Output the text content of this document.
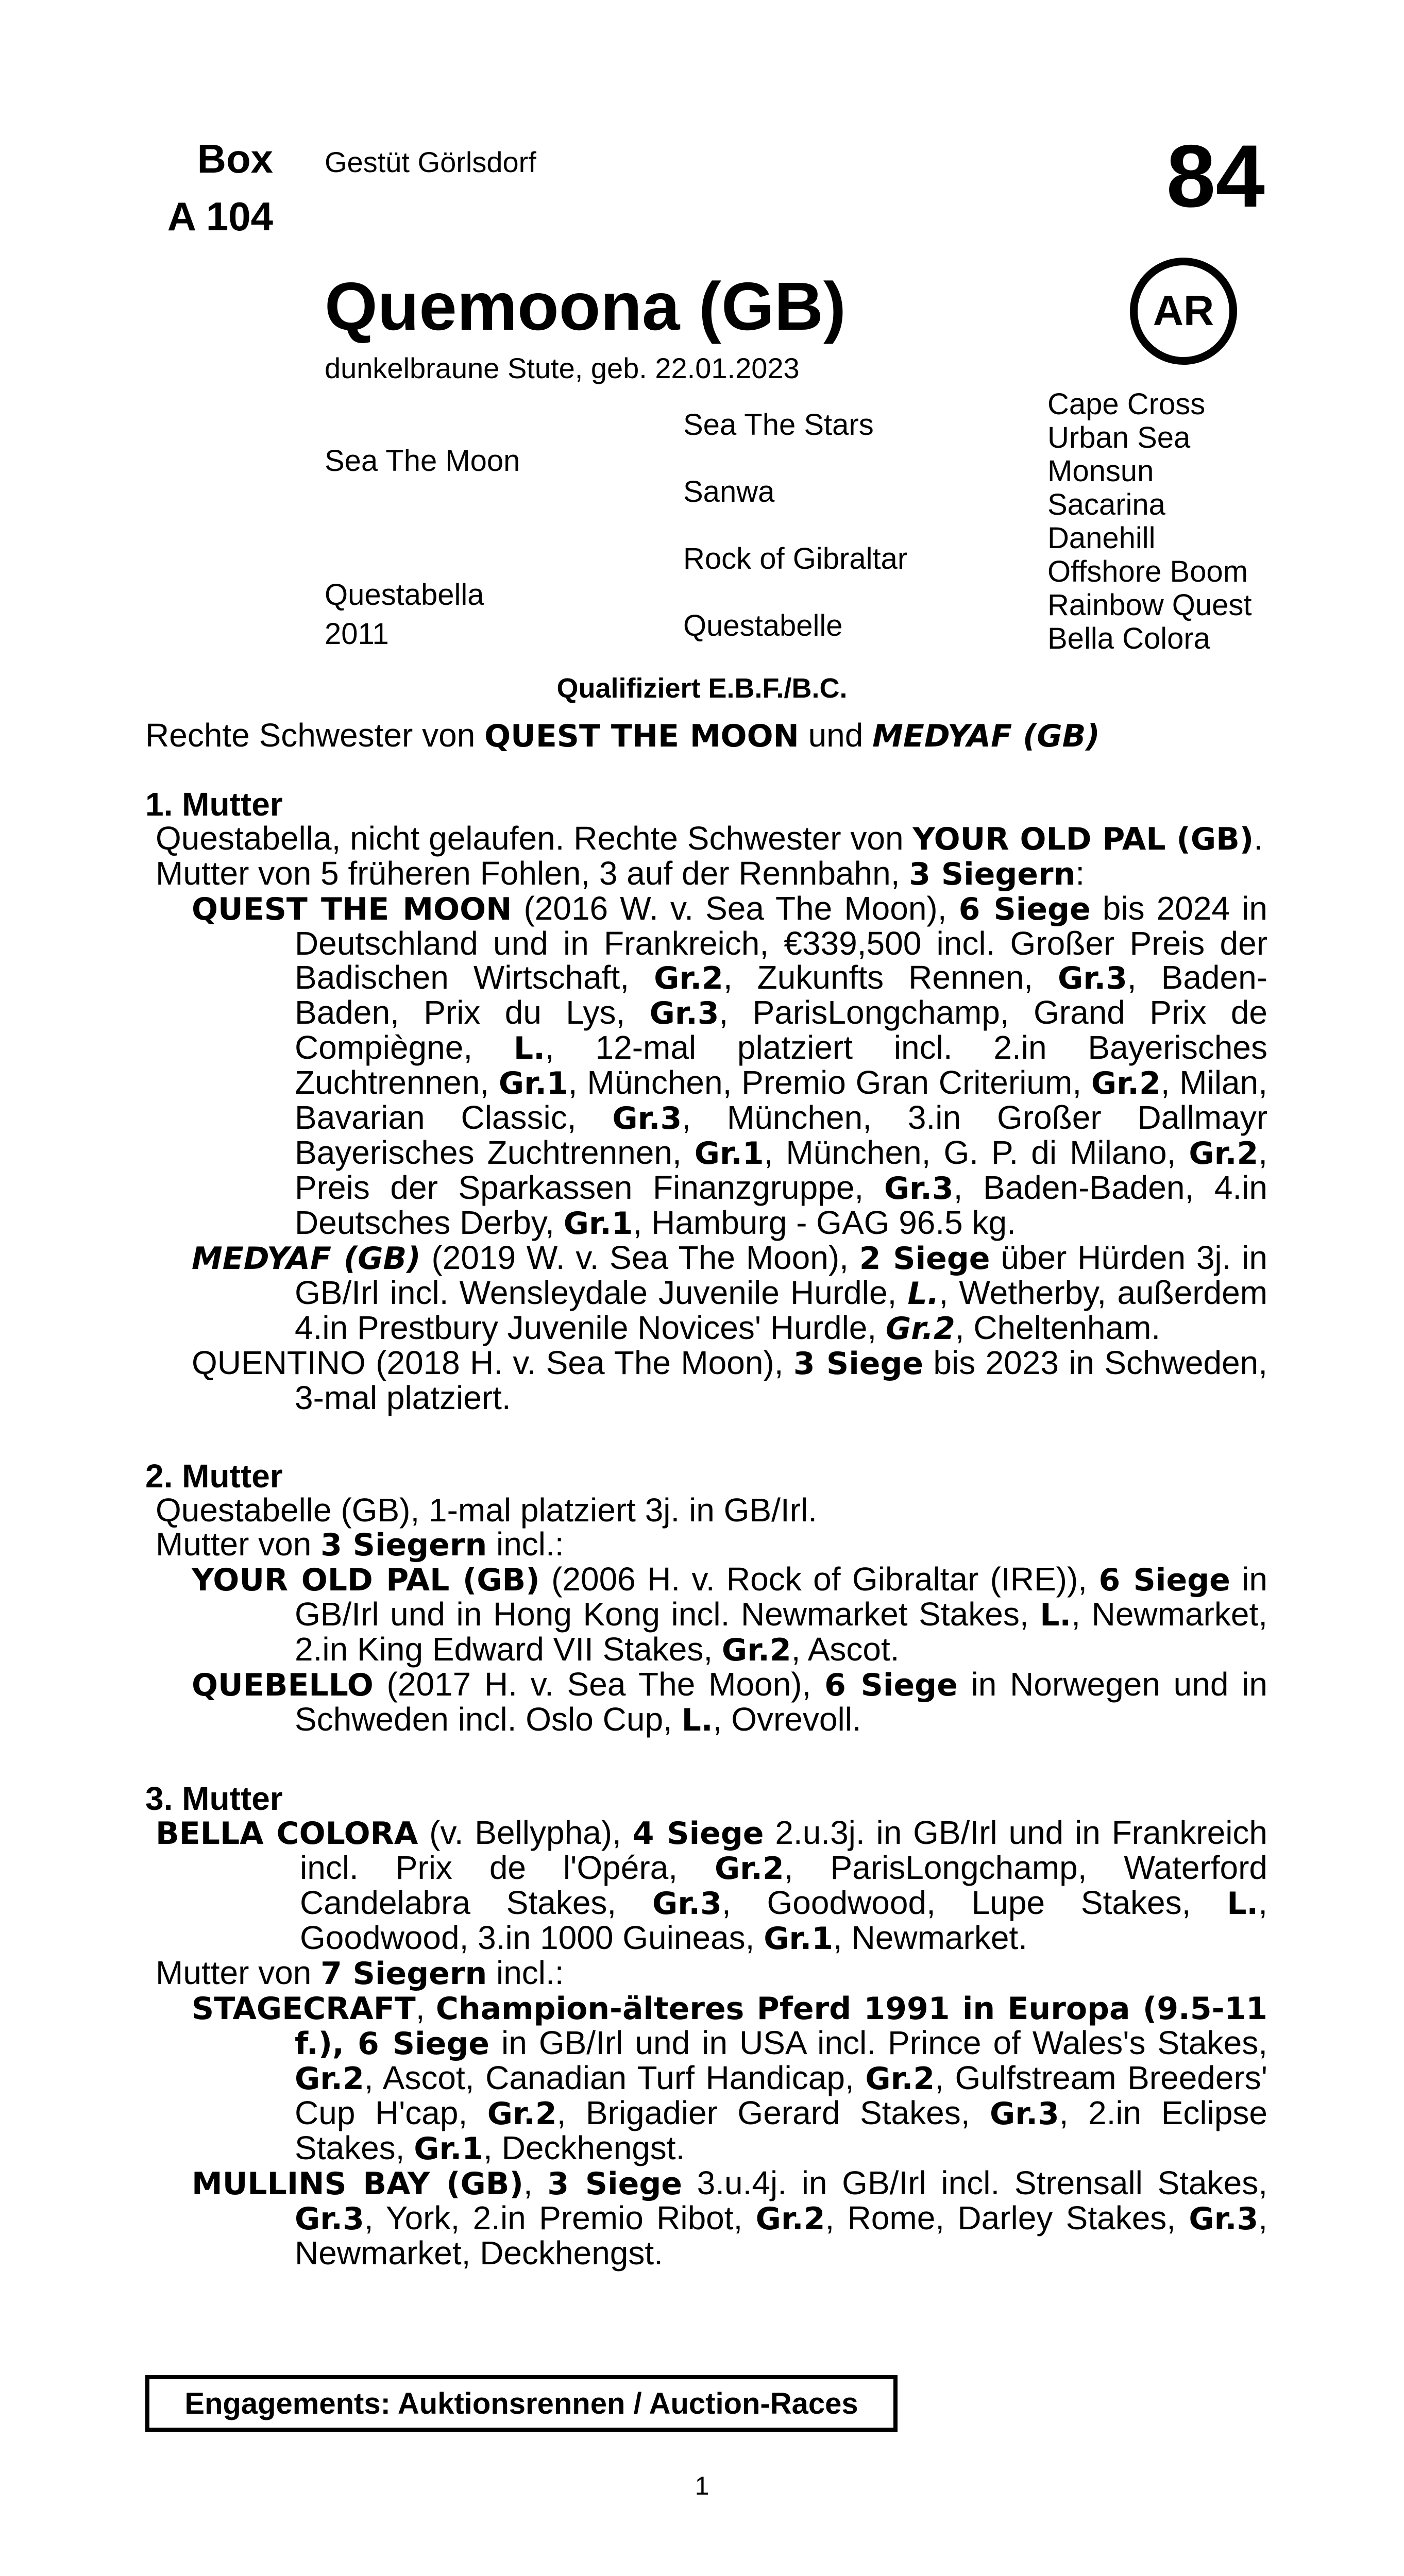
Box
A 104
Gestüt Görlsdorf	84
Quemoona (GB)	AR
dunkelbraune Stute, geb. 22.01.2023
Sea The Moon
Questabella
2011
Sea The Stars
Sanwa
Rock of Gibraltar
Questabelle
Cape Cross
Urban Sea
Monsun
Sacarina
Danehill
Offshore Boom
Rainbow Quest
Bella Colora
Qualifiziert E.B.F./B.C.
Rechte Schwester von QUEST THE MOON und MEDYAF (GB)
1. Mutter

Questabella, nicht gelaufen. Rechte Schwester von YOUR OLD PAL (GB).

Mutter von 5 früheren Fohlen, 3 auf der Rennbahn, 3 Siegern:

QUEST THE MOON (2016 W. v. Sea The Moon), 6 Siege bis 2024 in Deutschland und in Frankreich, €339,500 incl. Großer Preis der Badischen Wirtschaft, Gr.2, Zukunfts Rennen, Gr.3, Baden-Baden, Prix du Lys, Gr.3, ParisLongchamp, Grand Prix de Compiègne, L., 12-mal platziert incl. 2.in Bayerisches Zuchtrennen, Gr.1, München, Premio Gran Criterium, Gr.2, Milan, Bavarian Classic, Gr.3, München, 3.in Großer Dallmayr Bayerisches Zuchtrennen, Gr.1, München, G. P. di Milano, Gr.2, Preis der Sparkassen Finanzgruppe, Gr.3, Baden-Baden, 4.in Deutsches Derby, Gr.1, Hamburg - GAG 96.5 kg.

MEDYAF (GB) (2019 W. v. Sea The Moon), 2 Siege über Hürden 3j. in GB/Irl incl. Wensleydale Juvenile Hurdle, L., Wetherby, außerdem 4.in Prestbury Juvenile Novices' Hurdle, Gr.2, Cheltenham.

QUENTINO (2018 H. v. Sea The Moon), 3 Siege bis 2023 in Schweden, 3-mal platziert.

2. Mutter

Questabelle (GB), 1-mal platziert 3j. in GB/Irl.

Mutter von 3 Siegern incl.:

YOUR OLD PAL (GB) (2006 H. v. Rock of Gibraltar (IRE)), 6 Siege in GB/Irl und in Hong Kong incl. Newmarket Stakes, L., Newmarket, 2.in King Edward VII Stakes, Gr.2, Ascot.

QUEBELLO (2017 H. v. Sea The Moon), 6 Siege in Norwegen und in Schweden incl. Oslo Cup, L., Ovrevoll.

3. Mutter

BELLA COLORA (v. Bellypha), 4 Siege 2.u.3j. in GB/Irl und in Frankreich incl. Prix de l'Opéra, Gr.2, ParisLongchamp, Waterford Candelabra Stakes, Gr.3, Goodwood, Lupe Stakes, L., Goodwood, 3.in 1000 Guineas, Gr.1, Newmarket.

Mutter von 7 Siegern incl.:

STAGECRAFT, Champion-älteres Pferd 1991 in Europa (9.5-11 f.), 6 Siege in GB/Irl und in USA incl. Prince of Wales's Stakes, Gr.2, Ascot, Canadian Turf Handicap, Gr.2, Gulfstream Breeders' Cup H'cap, Gr.2, Brigadier Gerard Stakes, Gr.3, 2.in Eclipse Stakes, Gr.1, Deckhengst.

MULLINS BAY (GB), 3 Siege 3.u.4j. in GB/Irl incl. Strensall Stakes, Gr.3, York, 2.in Premio Ribot, Gr.2, Rome, Darley Stakes, Gr.3, Newmarket, Deckhengst.

Engagements: Auktionsrennen / Auction-Races
1
